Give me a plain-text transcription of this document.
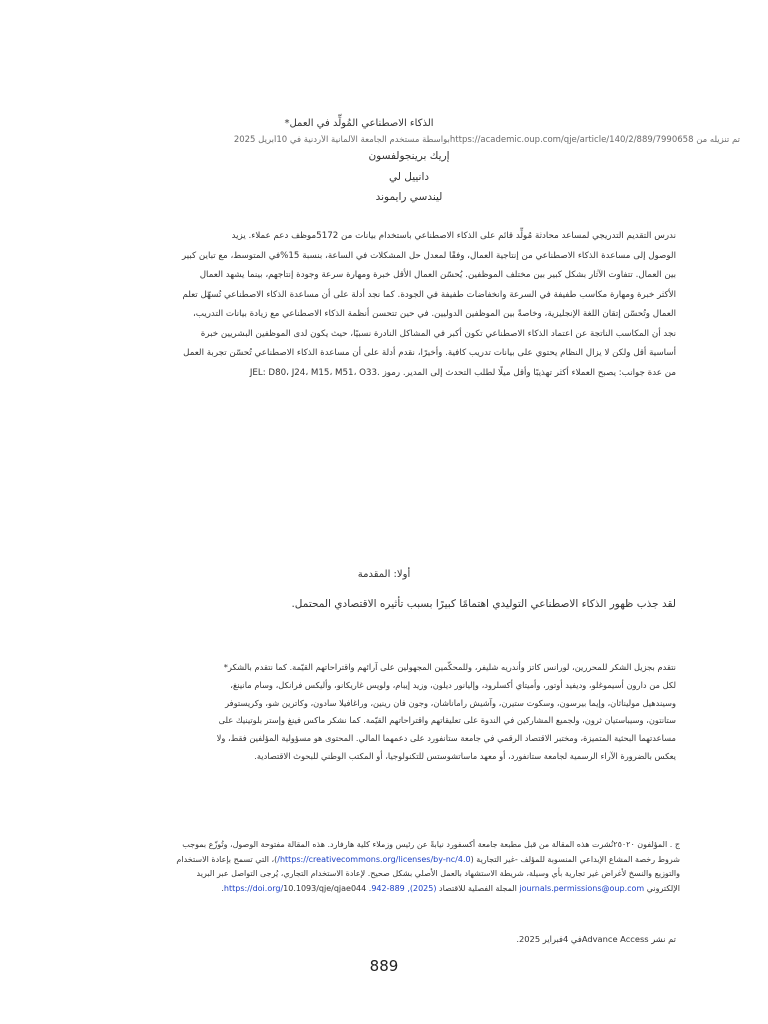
الذكاء الاصطناعي المُولِّد في العمل*
تم تنزيله من https://academic.oup.com/qje/article/140/2/889/7990658بواسطة مستخدم الجامعة الألمانية الأردنية في 10أبريل 2025
إريك برينجولفسون
دانييل لي
ليندسي رايموند
ندرس التقديم التدريجي لمساعد محادثة مُولِّد قائم على الذكاء الاصطناعي باستخدام بيانات من 5172موظف دعم عملاء. يزيد
الوصول إلى مساعدة الذكاء الاصطناعي من إنتاجية العمال، وفقًا لمعدل حل المشكلات في الساعة، بنسبة 15%في المتوسط، مع تباين كبير
بين العمال. تتفاوت الآثار بشكل كبير بين مختلف الموظفين. يُحسّن العمال الأقل خبرة ومهارة سرعة وجودة إنتاجهم، بينما يشهد العمال
الأكثر خبرة ومهارة مكاسب طفيفة في السرعة وانخفاضات طفيفة في الجودة. كما نجد أدلة على أن مساعدة الذكاء الاصطناعي تُسهّل تعلم
العمال وتُحسّن إتقان اللغة الإنجليزية، وخاصةً بين الموظفين الدوليين. في حين تتحسن أنظمة الذكاء الاصطناعي مع زيادة بيانات التدريب،
نجد أن المكاسب الناتجة عن اعتماد الذكاء الاصطناعي تكون أكبر في المشاكل النادرة نسبيًا، حيث يكون لدى الموظفين البشريين خبرة
أساسية أقل ولكن لا يزال النظام يحتوي على بيانات تدريب كافية. وأخيرًا، نقدم أدلة على أن مساعدة الذكاء الاصطناعي تُحسّن تجربة العمل
من عدة جوانب: يصبح العملاء أكثر تهذيبًا وأقل ميلًا لطلب التحدث إلى المدير. رموز JEL: D80، J24، M15، M51، O33.
أولا: المقدمة
لقد جذب ظهور الذكاء الاصطناعي التوليدي اهتمامًا كبيرًا بسبب تأثيره الاقتصادي المحتمل.
نتقدم بجزيل الشكر للمحررين، لورانس كاتز وأندريه شليفر، وللمحكّمين المجهولين على آرائهم واقتراحاتهم القيّمة. كما نتقدم بالشكر*
لكل من دارون أسيموغلو، وديفيد أوتور، وأميتاي أكسلرود، وإليانور ديلون، وزيد إيبام، ولويس غاريكانو، وأليكس فرانكل، وسام مانينغ،
وسيندهيل موليناثان، وإيما بيرسون، وسكوت ستيرن، وآشيش راماناشان، وجون فان رينين، وراغافيلا سادون، وكاترين شو، وكريستوفر
ستانتون، وسيباستيان ثرون، ولجميع المشاركين في الندوة على تعليقاتهم واقتراحاتهم القيّمة. كما نشكر ماكس فينغ وإستر بلوتينيك على
مساعدتهما البحثية المتميزة، ومختبر الاقتصاد الرقمي في جامعة ستانفورد على دعمهما المالي. المحتوى هو مسؤولية المؤلفين فقط، ولا
يعكس بالضرورة الآراء الرسمية لجامعة ستانفورد، أو معهد ماساتشوستس للتكنولوجيا، أو المكتب الوطني للبحوث الاقتصادية.
ج . المؤلفون ٢٥٠٢٠نُشرت هذه المقالة من قبل مطبعة جامعة أكسفورد نيابةً عن رئيس وزملاء كلية هارفارد. هذه المقالة مفتوحة الوصول، وتُوزّع بموجب
شروط رخصة المشاع الإبداعي المنسوبة للمؤلف -غير التجارية (https://creativecommons.org/licenses/by-nc/4.0/)، التي تسمح بإعادة الاستخدام
والتوزيع والنسخ لأغراض غير تجارية بأي وسيلة، شريطة الاستشهاد بالعمل الأصلي بشكل صحيح. لإعادة الاستخدام التجاري، يُرجى التواصل عبر البريد
الإلكتروني journals.permissions@oup.com المجلة الفصلية للاقتصاد (2025), 889-942. https://doi.org/10.1093/qje/qjae044.
تم نشر Advance Accessفي 4فبراير 2025.
889
